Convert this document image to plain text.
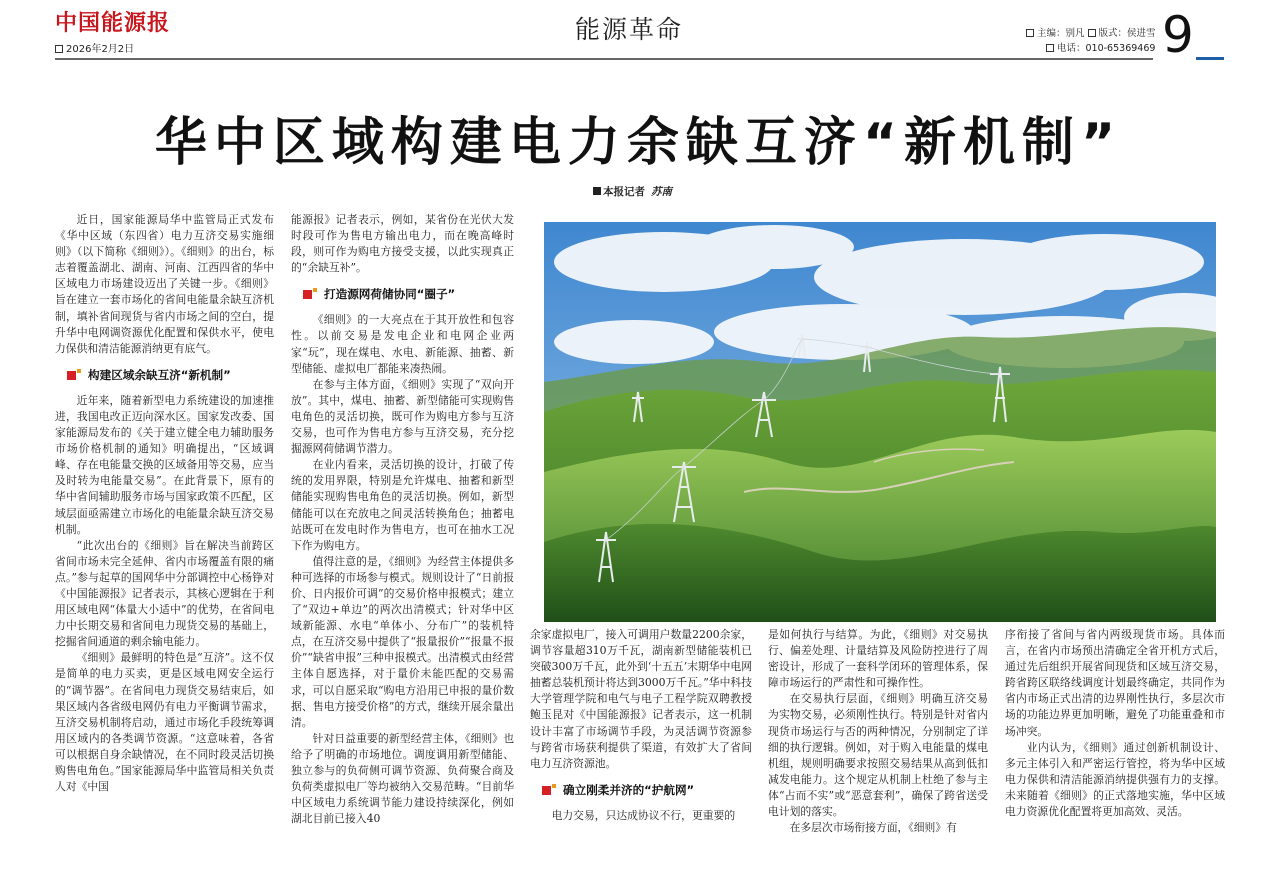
中国能源报
2026年2月2日
能源革命	主编：别凡 版式：侯进雪
电话：010-65369469 9
华中区域构建电力余缺互济“新机制”
本报记者 苏南

近日，国家能源局华中监管局正式发布《华中区域（东四省）电力互济交易实施细则》（以下简称《细则》）。《细则》的出台，标志着覆盖湖北、湖南、河南、江西四省的华中区域电力市场建设迈出了关键一步。《细则》旨在建立一套市场化的省间电能量余缺互济机制，填补省间现货与省内市场之间的空白，提升华中电网调资源优化配置和保供水平，使电力保供和清洁能源消纳更有底气。

构建区域余缺互济“新机制”

近年来，随着新型电力系统建设的加速推进，我国电改正迈向深水区。国家发改委、国家能源局发布的《关于建立健全电力辅助服务市场价格机制的通知》明确提出，“区域调峰、存在电能量交换的区域备用等交易，应当及时转为电能量交易”。在此背景下，原有的华中省间辅助服务市场与国家政策不匹配，区域层面亟需建立市场化的电能量余缺互济交易机制。

“此次出台的《细则》旨在解决当前跨区省间市场未完全延伸、省内市场覆盖有限的痛点。”参与起草的国网华中分部调控中心杨铮对《中国能源报》记者表示，其核心逻辑在于利用区域电网“体量大小适中”的优势，在省间电力中长期交易和省间电力现货交易的基础上，挖掘省间通道的剩余输电能力。

《细则》最鲜明的特色是“互济”。这不仅是简单的电力买卖，更是区域电网安全运行的“调节器”。在省间电力现货交易结束后，如果区域内各省级电网仍有电力平衡调节需求，互济交易机制将启动，通过市场化手段统筹调用区域内的各类调节资源。“这意味着，各省可以根据自身余缺情况，在不同时段灵活切换购售电角色。”国家能源局华中监管局相关负责人对《中国

能源报》记者表示，例如，某省份在光伏大发时段可作为售电方输出电力，而在晚高峰时段，则可作为购电方接受支援，以此实现真正的“余缺互补”。

打造源网荷储协同“圈子”

《细则》的一大亮点在于其开放性和包容性。以前交易是发电企业和电网企业两家“玩”，现在煤电、水电、新能源、抽蓄、新型储能、虚拟电厂都能来凑热闹。

在参与主体方面，《细则》实现了“双向开放”。其中，煤电、抽蓄、新型储能可实现购售电角色的灵活切换，既可作为购电方参与互济交易，也可作为售电方参与互济交易，充分挖掘源网荷储调节潜力。

在业内看来，灵活切换的设计，打破了传统的发用界限，特别是允许煤电、抽蓄和新型储能实现购售电角色的灵活切换。例如，新型储能可以在充放电之间灵活转换角色；抽蓄电站既可在发电时作为售电方，也可在抽水工况下作为购电方。

值得注意的是，《细则》为经营主体提供多种可选择的市场参与模式。规则设计了“日前报价、日内报价可调”的交易价格申报模式；建立了“双边+单边”的两次出清模式；针对华中区域新能源、水电“单体小、分布广”的装机特点，在互济交易中提供了“报量报价”“报量不报价”“缺省申报”三种申报模式。出清模式由经营主体自愿选择，对于量价未能匹配的交易需求，可以自愿采取“购电方沿用已申报的量价数据、售电方接受价格”的方式，继续开展余量出清。

针对日益重要的新型经营主体，《细则》也给予了明确的市场地位。调度调用新型储能、独立参与的负荷侧可调节资源、负荷聚合商及负荷类虚拟电厂等均被纳入交易范畴。“目前华中区域电力系统调节能力建设持续深化，例如湖北目前已接入40

余家虚拟电厂，接入可调用户数量2200余家，调节容量超310万千瓦，湖南新型储能装机已突破300万千瓦，此外到‘十五五’末期华中电网抽蓄总装机预计将达到3000万千瓦。”华中科技大学管理学院和电气与电子工程学院双聘教授鲍玉昆对《中国能源报》记者表示，这一机制设计丰富了市场调节手段，为灵活调节资源参与跨省市场获利提供了渠道，有效扩大了省间电力互济资源池。

确立刚柔并济的“护航网”

电力交易，只达成协议不行，更重要的

是如何执行与结算。为此，《细则》对交易执行、偏差处理、计量结算及风险防控进行了周密设计，形成了一套科学闭环的管理体系，保障市场运行的严肃性和可操作性。

在交易执行层面，《细则》明确互济交易为实物交易，必须刚性执行。特别是针对省内现货市场运行与否的两种情况，分别制定了详细的执行逻辑。例如，对于购入电能量的煤电机组，规则明确要求按照交易结果从高到低扣减发电能力。这个规定从机制上杜绝了参与主体“占而不实”或“恶意套利”，确保了跨省送受电计划的落实。

在多层次市场衔接方面，《细则》有

序衔接了省间与省内两级现货市场。具体而言，在省内市场预出清确定全省开机方式后，通过先后组织开展省间现货和区域互济交易，跨省跨区联络线调度计划最终确定，共同作为省内市场正式出清的边界刚性执行，多层次市场的功能边界更加明晰，避免了功能重叠和市场冲突。

业内认为，《细则》通过创新机制设计、多元主体引入和严密运行管控，将为华中区域电力保供和清洁能源消纳提供强有力的支撑。未来随着《细则》的正式落地实施，华中区域电力资源优化配置将更加高效、灵活。
